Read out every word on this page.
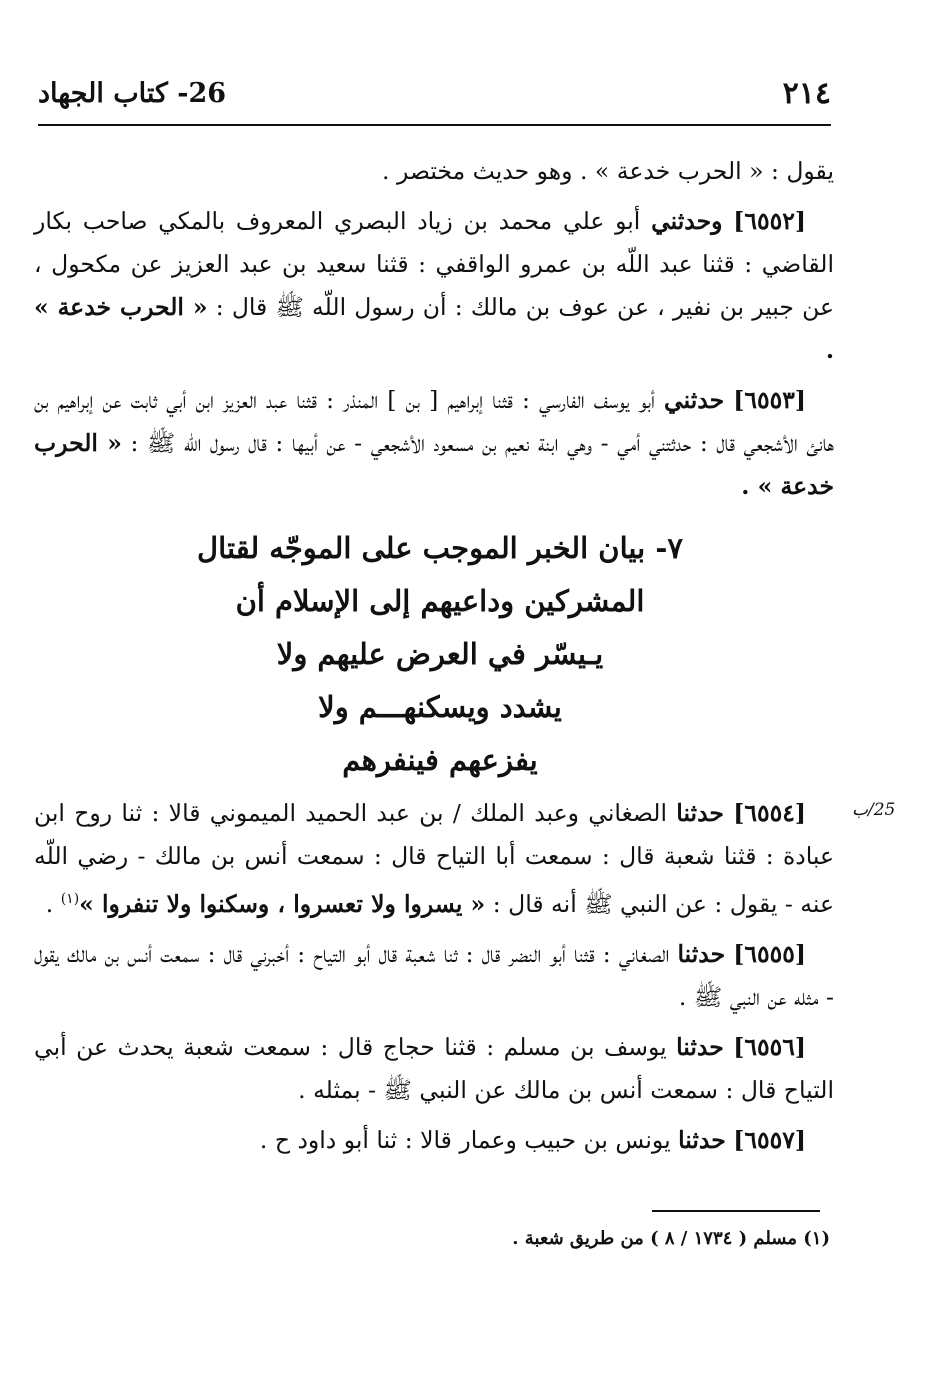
26- كتاب الجهاد	٢١٤

يقول : « الحرب خدعة » . وهو حديث مختصر .

[٦٥٥٢] وحدثني أبو علي محمد بن زياد البصري المعروف بالمكي صاحب بكار القاضي : قثنا عبد اللّه بن عمرو الواقفي : قثنا سعيد بن عبد العزيز عن مكحول ، عن جبير بن نفير ، عن عوف بن مالك : أن رسول اللّه ﷺ قال : « الحرب خدعة » .

[٦٥٥٣] حدثني أبو يوسف الفارسي : قثنا إبراهيم [ بن ] المنذر : قثنا عبد العزيز ابن أبي ثابت عن إبراهيم بن هانئ الأشجعي قال : حدثتني أمي - وهي ابنة نعيم بن مسعود الأشجعي - عن أبيها : قال رسول اللّه ﷺ : « الحرب خدعة » .

٧- بيان الخبر الموجب على الموجّه لقتال
المشركين وداعيهم إلى الإسلام أن
يـيسّر في العرض عليهم ولا
يشدد ويسكنهـــم ولا
يفزعهم فينفرهم
25/ب

[٦٥٥٤] حدثنا الصغاني وعبد الملك / بن عبد الحميد الميموني قالا : ثنا روح ابن عبادة : قثنا شعبة قال : سمعت أبا التياح قال : سمعت أنس بن مالك - رضي اللّه عنه - يقول : عن النبي ﷺ أنه قال : « يسروا ولا تعسروا ، وسكنوا ولا تنفروا »$^{(١)}$ .

[٦٥٥٥] حدثنا الصغاني : قثنا أبو النضر قال : ثنا شعبة قال أبو التياح : أخبرني قال : سمعت أنس بن مالك يقول - مثله عن النبي ﷺ .

[٦٥٥٦] حدثنا يوسف بن مسلم : قثنا حجاج قال : سمعت شعبة يحدث عن أبي التياح قال : سمعت أنس بن مالك عن النبي ﷺ - بمثله .

[٦٥٥٧] حدثنا يونس بن حبيب وعمار قالا : ثنا أبو داود ح .

(١) مسلم ( ١٧٣٤ / ٨ ) من طريق شعبة .
